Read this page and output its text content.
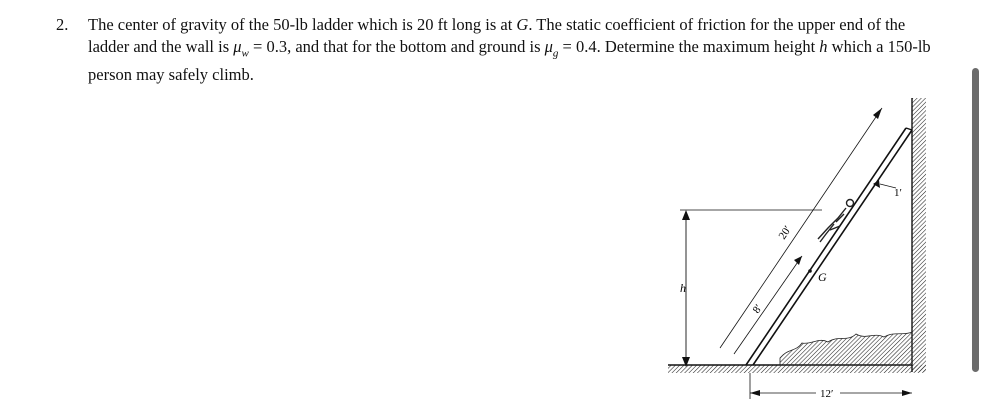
2. The center of gravity of the 50-lb ladder which is 20 ft long is at G. The static coefficient of friction for the upper end of the ladder and the wall is $\mu_w = 0.3$, and that for the bottom and ground is $\mu_g = 0.4$. Determine the maximum height h which a 150-lb person may safely climb.
G
h
20′
8′
1′
12′
